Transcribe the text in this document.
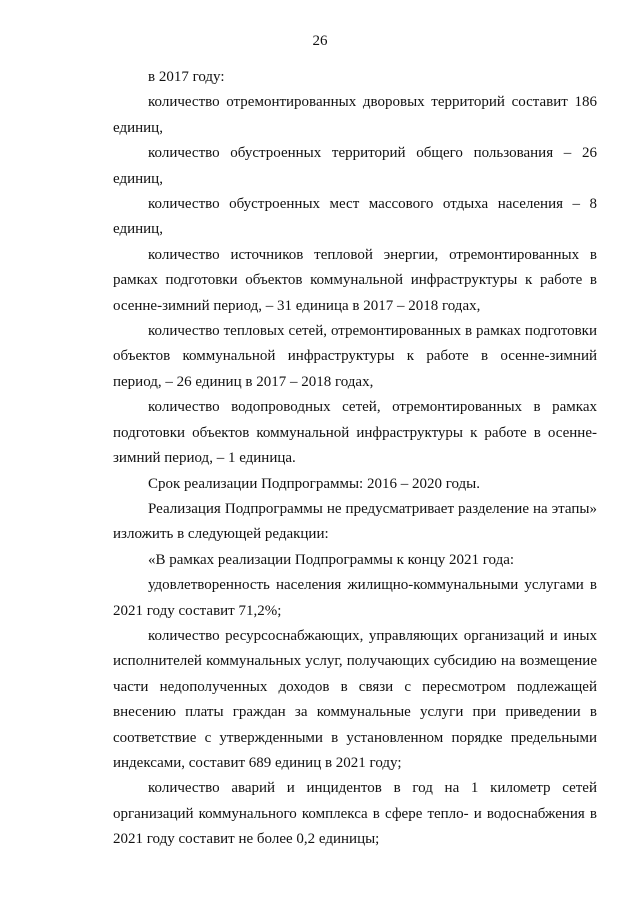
26

в 2017 году:

количество отремонтированных дворовых территорий составит 186 единиц,

количество обустроенных территорий общего пользования – 26 единиц,

количество обустроенных мест массового отдыха населения – 8 единиц,

количество источников тепловой энергии, отремонтированных в рамках подготовки объектов коммунальной инфраструктуры к работе в осенне-зимний период, – 31 единица в 2017 – 2018 годах,

количество тепловых сетей, отремонтированных в рамках подготовки объектов коммунальной инфраструктуры к работе в осенне-зимний период, – 26 единиц в 2017 – 2018 годах,

количество водопроводных сетей, отремонтированных в рамках подготовки объектов коммунальной инфраструктуры к работе в осенне-зимний период, – 1 единица.

Срок реализации Подпрограммы: 2016 – 2020 годы.

Реализация Подпрограммы не предусматривает разделение на этапы» изложить в следующей редакции:

«В рамках реализации Подпрограммы к концу 2021 года:

удовлетворенность населения жилищно-коммунальными услугами в 2021 году составит 71,2%;

количество ресурсоснабжающих, управляющих организаций и иных исполнителей коммунальных услуг, получающих субсидию на возмещение части недополученных доходов в связи с пересмотром подлежащей внесению платы граждан за коммунальные услуги при приведении в соответствие с утвержденными в установленном порядке предельными индексами, составит 689 единиц в 2021 году;

количество аварий и инцидентов в год на 1 километр сетей организаций коммунального комплекса в сфере тепло- и водоснабжения в 2021 году составит не более 0,2 единицы;
